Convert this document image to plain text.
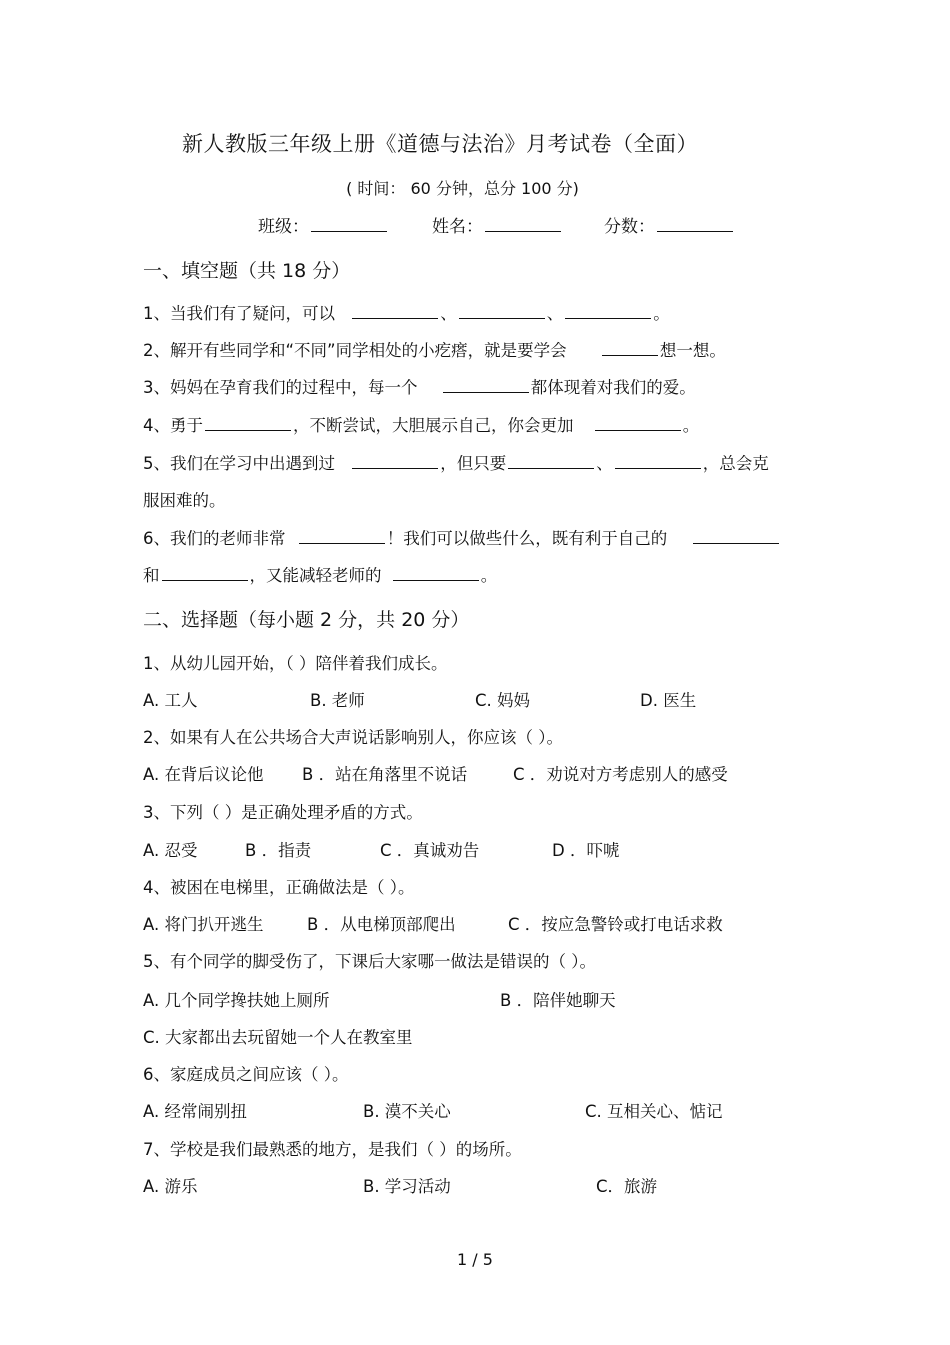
新人教版三年级上册《道德与法治》月考试卷（全面）
( 时间： 60 分钟，总分 100 分)
班级：	姓名：	分数：
一、填空题（共 18 分）
1、当我们有了疑问，可以	、	、	。
2、解开有些同学和“不同”同学相处的小疙瘩，就是要学会	想一想。
3、妈妈在孕育我们的过程中，每一个	都体现着对我们的爱。
4、勇于	，不断尝试，大胆展示自己，你会更加	。
5、我们在学习中出遇到过	，但只要	、	，总会克
服困难的。
6、我们的老师非常	！我们可以做些什么，既有利于自己的
和	，又能减轻老师的	。
二、选择题（每小题 2 分，共 20 分）
1、从幼儿园开始，（ ）陪伴着我们成长。
A. 工人	B. 老师	C. 妈妈	D. 医生
2、如果有人在公共场合大声说话影响别人，你应该（ ）。
A. 在背后议论他 B ．站在角落里不说话	C ．劝说对方考虑别人的感受
3、下列（ ）是正确处理矛盾的方式。
A. 忍受	B ．指责	C ．真诚劝告	D ．吓唬
4、被困在电梯里，正确做法是（ ）。
A. 将门扒开逃生	B ．从电梯顶部爬出	C ．按应急警铃或打电话求救
5、有个同学的脚受伤了，下课后大家哪一做法是错误的（ ）。
A. 几个同学搀扶她上厕所	B ．陪伴她聊天
C. 大家都出去玩留她一个人在教室里
6、家庭成员之间应该（ ）。
A. 经常闹别扭	B. 漠不关心	C. 互相关心、惦记
7、学校是我们最熟悉的地方，是我们（ ）的场所。
A. 游乐	B. 学习活动	C．旅游
1 / 5
